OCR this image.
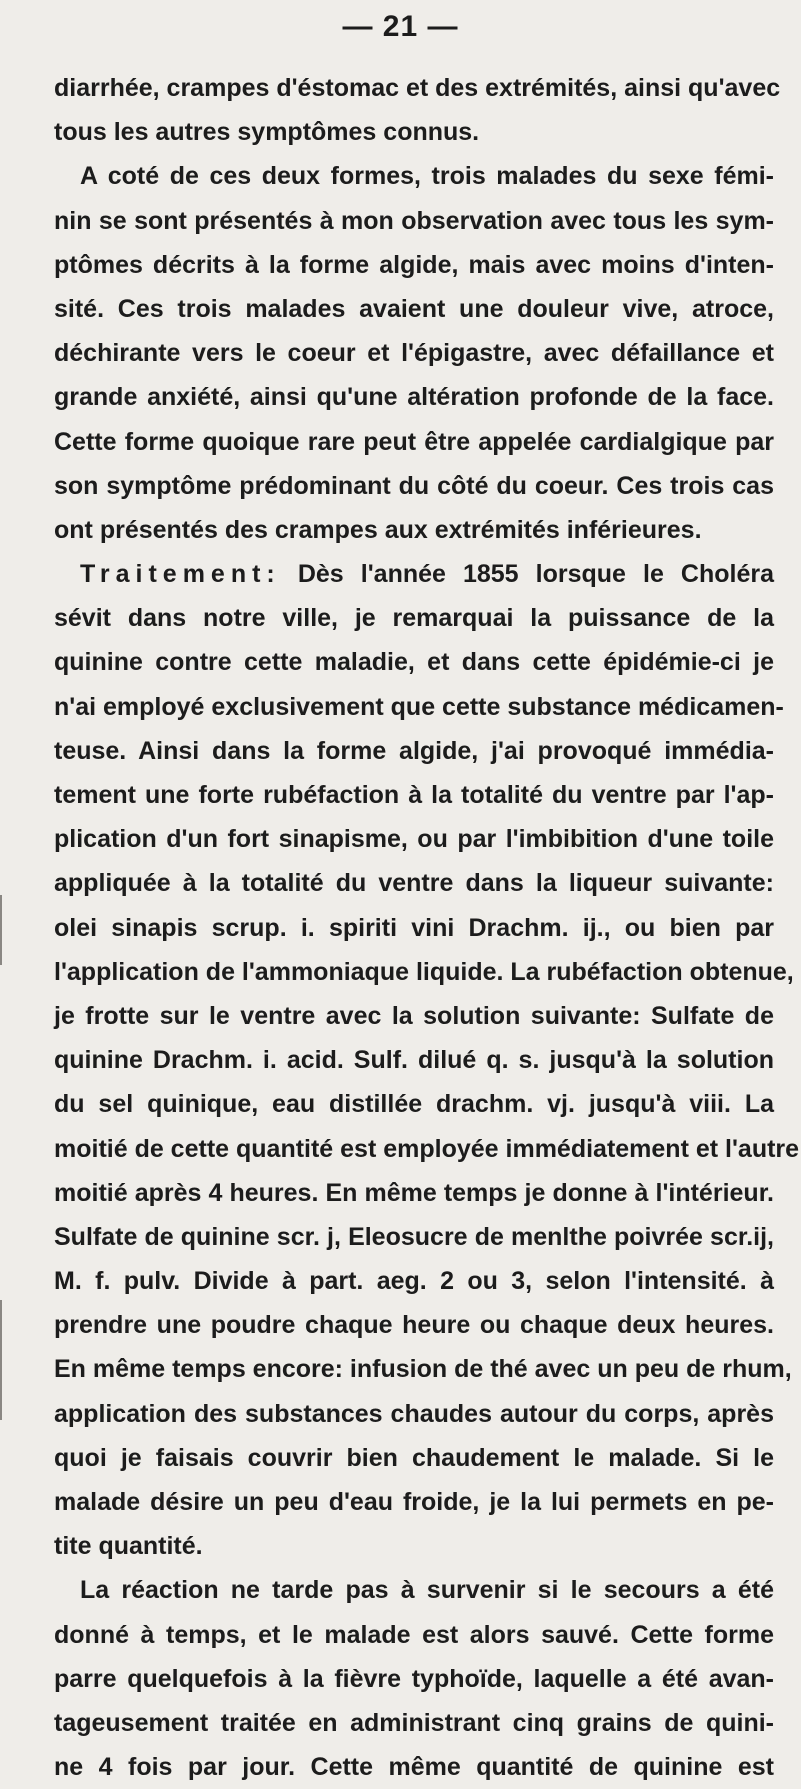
— 21 —
diarrhée, crampes d'éstomac et des extrémités, ainsi qu'avec
tous les autres symptômes connus.
A coté de ces deux formes, trois malades du sexe fémi-
nin se sont présentés à mon observation avec tous les sym-
ptômes décrits à la forme algide, mais avec moins d'inten-
sité. Ces trois malades avaient une douleur vive, atroce,
déchirante vers le coeur et l'épigastre, avec défaillance et
grande anxiété, ainsi qu'une altération profonde de la face.
Cette forme quoique rare peut être appelée cardialgique par
son symptôme prédominant du côté du coeur. Ces trois cas
ont présentés des crampes aux extrémités inférieures.
Traitement: Dès l'année 1855 lorsque le Choléra
sévit dans notre ville, je remarquai la puissance de la
quinine contre cette maladie, et dans cette épidémie-ci je
n'ai employé exclusivement que cette substance médicamen-
teuse. Ainsi dans la forme algide, j'ai provoqué immédia-
tement une forte rubéfaction à la totalité du ventre par l'ap-
plication d'un fort sinapisme, ou par l'imbibition d'une toile
appliquée à la totalité du ventre dans la liqueur suivante:
olei sinapis scrup. i. spiriti vini Drachm. ij., ou bien par
l'application de l'ammoniaque liquide. La rubéfaction obtenue,
je frotte sur le ventre avec la solution suivante: Sulfate de
quinine Drachm. i. acid. Sulf. dilué q. s. jusqu'à la solution
du sel quinique, eau distillée drachm. vj. jusqu'à viii. La
moitié de cette quantité est employée immédiatement et l'autre
moitié après 4 heures. En même temps je donne à l'intérieur.
Sulfate de quinine scr. j, Eleosucre de menlthe poivrée scr.ij,
M. f. pulv. Divide à part. aeg. 2 ou 3, selon l'intensité. à
prendre une poudre chaque heure ou chaque deux heures.
En même temps encore: infusion de thé avec un peu de rhum,
application des substances chaudes autour du corps, après
quoi je faisais couvrir bien chaudement le malade. Si le
malade désire un peu d'eau froide, je la lui permets en pe-
tite quantité.
La réaction ne tarde pas à survenir si le secours a été
donné à temps, et le malade est alors sauvé. Cette forme
parre quelquefois à la fièvre typhoïde, laquelle a été avan-
tageusement traitée en administrant cinq grains de quini-
ne 4 fois par jour. Cette même quantité de quinine est
